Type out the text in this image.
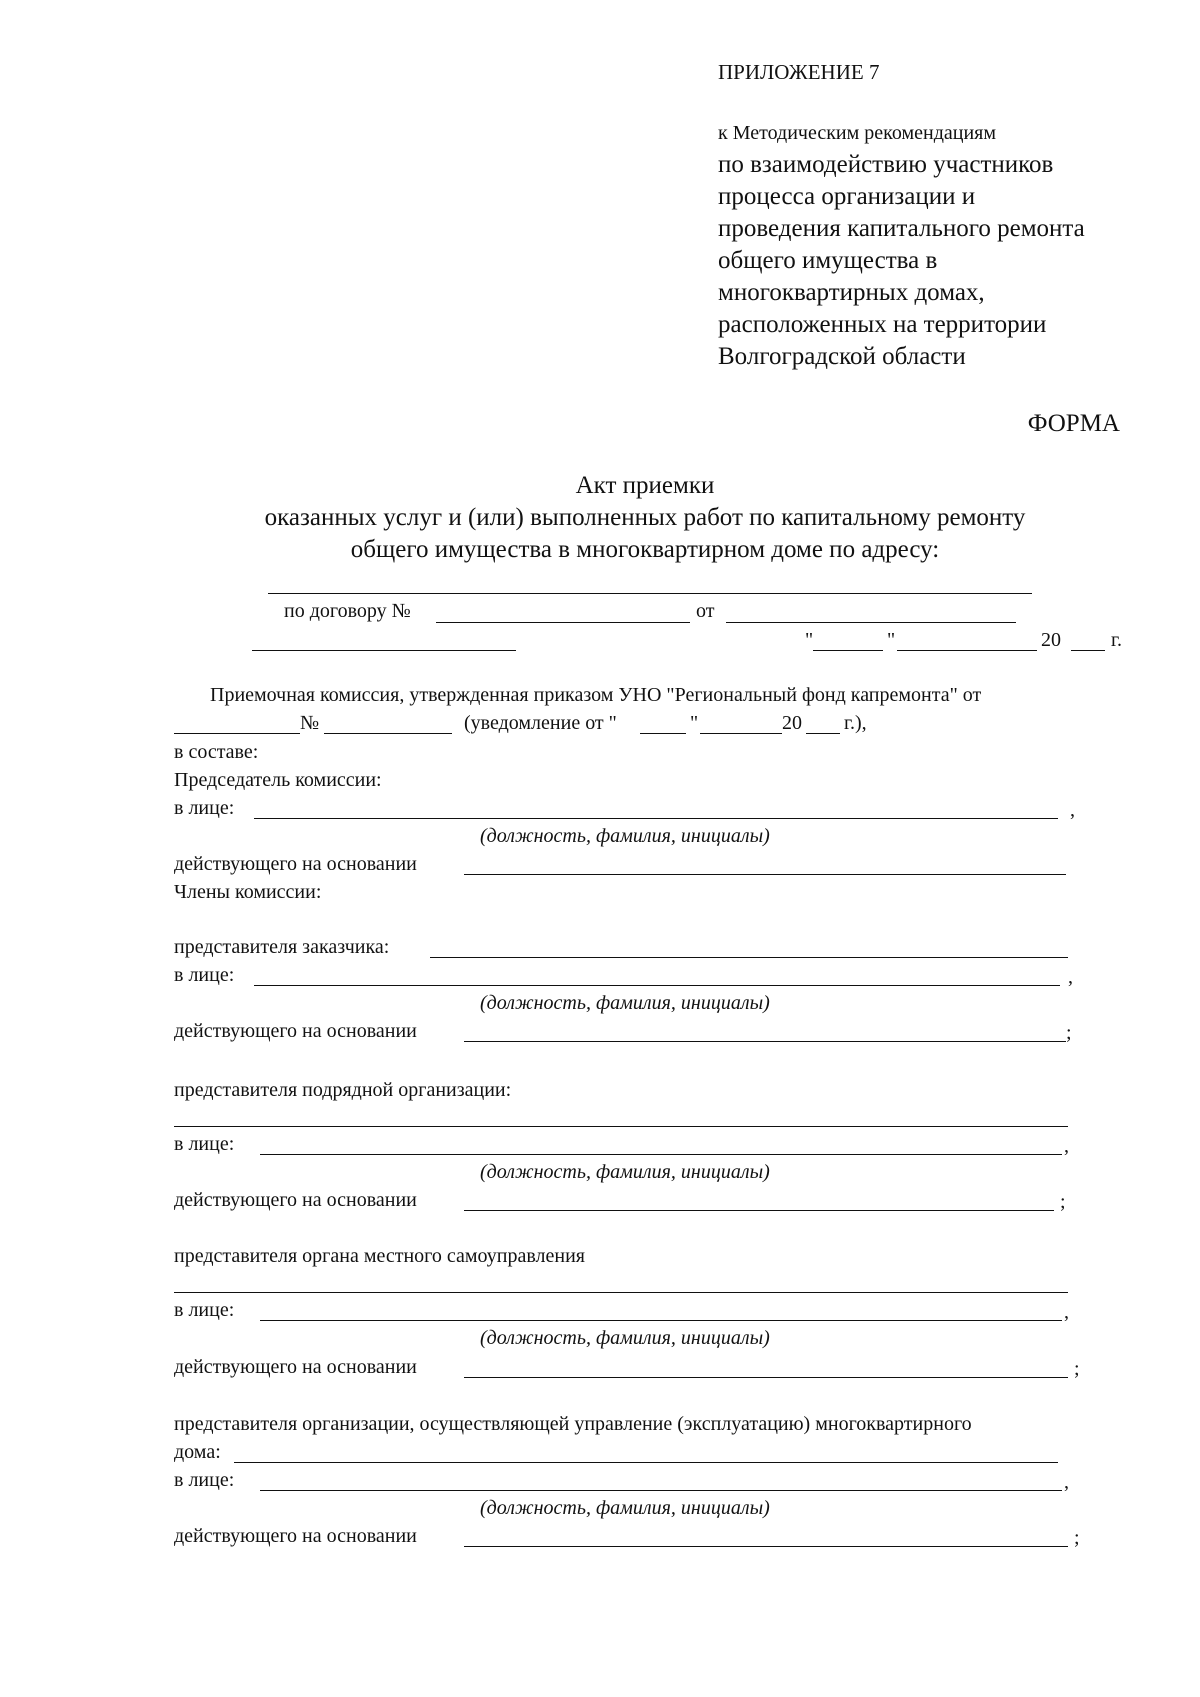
ПРИЛОЖЕНИЕ 7
к Методическим рекомендациям
по взаимодействию участников
процесса организации и
проведения капитального ремонта
общего имущества в
многоквартирных домах,
расположенных на территории
Волгоградской области
ФОРМА
Акт приемки
оказанных услуг и (или) выполненных работ по капитальному ремонту
общего имущества в многоквартирном доме по адресу:
по договору №	от
"	"	20	г.
Приемочная комиссия, утвержденная приказом УНО "Региональный фонд капремонта" от
№	(уведомление от "	"	20 г.),
в составе:
Председатель комиссии:
в лице:	,
(должность, фамилия, инициалы)
действующего на основании
Члены комиссии:
представителя заказчика:
в лице:	,
(должность, фамилия, инициалы)
действующего на основании	;
представителя подрядной организации:
в лице:	,
(должность, фамилия, инициалы)
действующего на основании	;
представителя органа местного самоуправления
в лице:	,
(должность, фамилия, инициалы)
действующего на основании	;
представителя организации, осуществляющей управление (эксплуатацию) многоквартирного
дома:
в лице:	,
(должность, фамилия, инициалы)
действующего на основании	;
